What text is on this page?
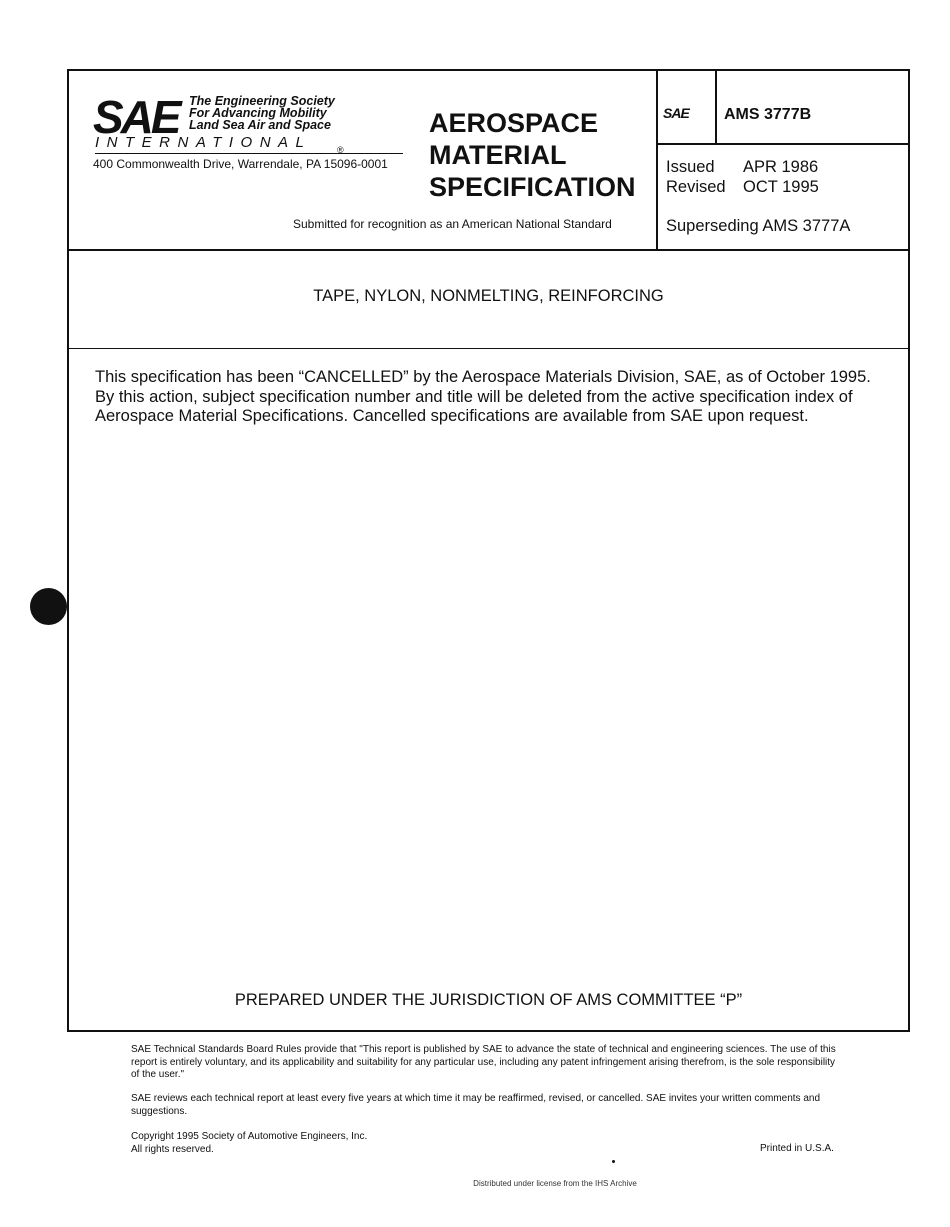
SAE The Engineering Society
For Advancing Mobility
Land Sea Air and Space
®
INTERNATIONAL
400 Commonwealth Drive, Warrendale, PA 15096-0001
AEROSPACE
MATERIAL
SPECIFICATION
Submitted for recognition as an American National Standard
SAE AMS 3777B
Issued	APR 1986
Revised	OCT 1995
Superseding AMS 3777A
TAPE, NYLON, NONMELTING, REINFORCING
This specification has been “CANCELLED” by the Aerospace Materials Division, SAE, as of October 1995. By this action, subject specification number and title will be deleted from the active specification index of Aerospace Material Specifications. Cancelled specifications are available from SAE upon request.
PREPARED UNDER THE JURISDICTION OF AMS COMMITTEE “P”
SAE Technical Standards Board Rules provide that "This report is published by SAE to advance the state of technical and engineering sciences. The use of this report is entirely voluntary, and its applicability and suitability for any particular use, including any patent infringement arising therefrom, is the sole responsibility of the user."
SAE reviews each technical report at least every five years at which time it may be reaffirmed, revised, or cancelled. SAE invites your written comments and suggestions.
Copyright 1995 Society of Automotive Engineers, Inc.
All rights reserved.	Printed in U.S.A.
Distributed under license from the IHS Archive
